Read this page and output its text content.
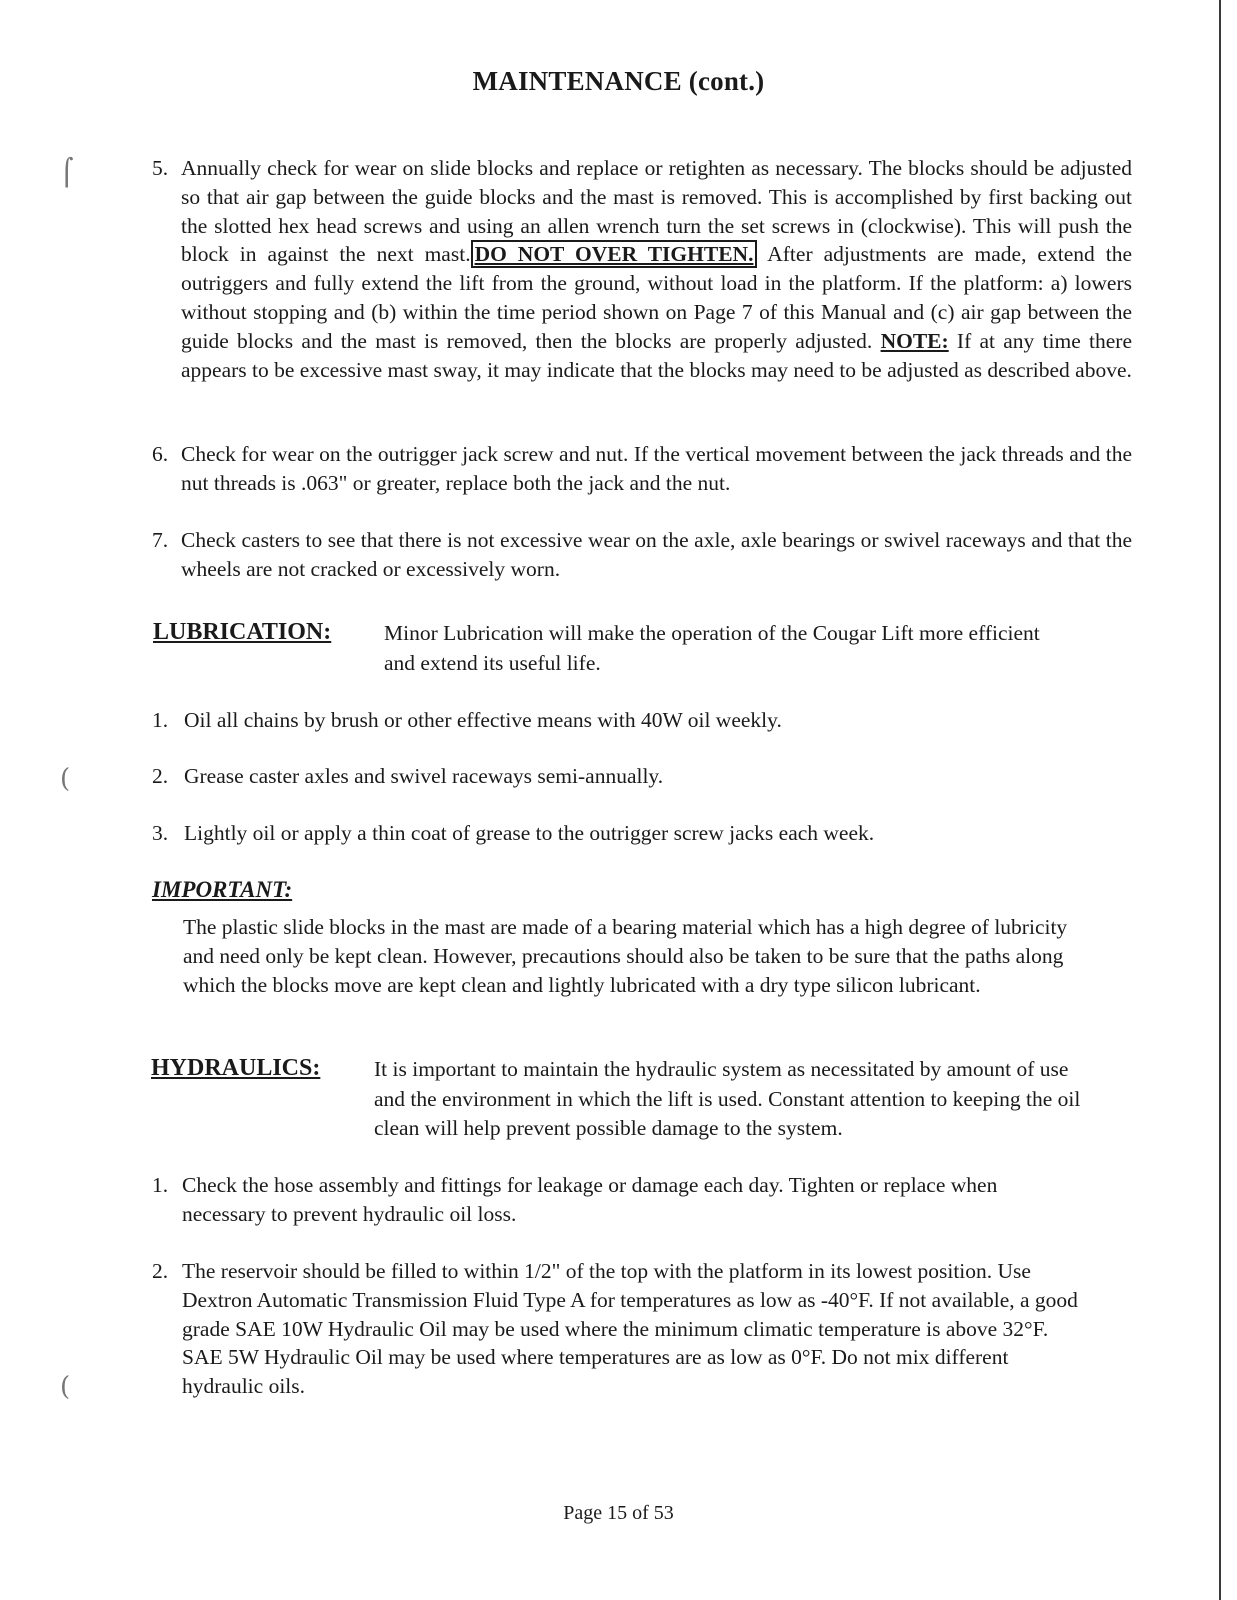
⌠
(
(
MAINTENANCE (cont.)
5. Annually check for wear on slide blocks and replace or retighten as necessary. The blocks should be adjusted so that air gap between the guide blocks and the mast is removed. This is accomplished by first backing out the slotted hex head screws and using an allen wrench turn the set screws in (clockwise). This will push the block in against the next mast. DO NOT OVER TIGHTEN. After adjustments are made, extend the outriggers and fully extend the lift from the ground, without load in the platform. If the platform: a) lowers without stopping and (b) within the time period shown on Page 7 of this Manual and (c) air gap between the guide blocks and the mast is removed, then the blocks are properly adjusted. NOTE: If at any time there appears to be excessive mast sway, it may indicate that the blocks may need to be adjusted as described above.
6. Check for wear on the outrigger jack screw and nut. If the vertical movement between the jack threads and the nut threads is .063" or greater, replace both the jack and the nut.
7. Check casters to see that there is not excessive wear on the axle, axle bearings or swivel raceways and that the wheels are not cracked or excessively worn.
LUBRICATION: Minor Lubrication will make the operation of the Cougar Lift more efficient and extend its useful life.
1. Oil all chains by brush or other effective means with 40W oil weekly.
2. Grease caster axles and swivel raceways semi-annually.
3. Lightly oil or apply a thin coat of grease to the outrigger screw jacks each week.
IMPORTANT:
The plastic slide blocks in the mast are made of a bearing material which has a high degree of lubricity and need only be kept clean. However, precautions should also be taken to be sure that the paths along which the blocks move are kept clean and lightly lubricated with a dry type silicon lubricant.
HYDRAULICS: It is important to maintain the hydraulic system as necessitated by amount of use and the environment in which the lift is used. Constant attention to keeping the oil clean will help prevent possible damage to the system.
1. Check the hose assembly and fittings for leakage or damage each day. Tighten or replace when necessary to prevent hydraulic oil loss.
2. The reservoir should be filled to within 1/2" of the top with the platform in its lowest position. Use Dextron Automatic Transmission Fluid Type A for temperatures as low as -40°F. If not available, a good grade SAE 10W Hydraulic Oil may be used where the minimum climatic temperature is above 32°F. SAE 5W Hydraulic Oil may be used where temperatures are as low as 0°F. Do not mix different hydraulic oils.
Page 15 of 53
